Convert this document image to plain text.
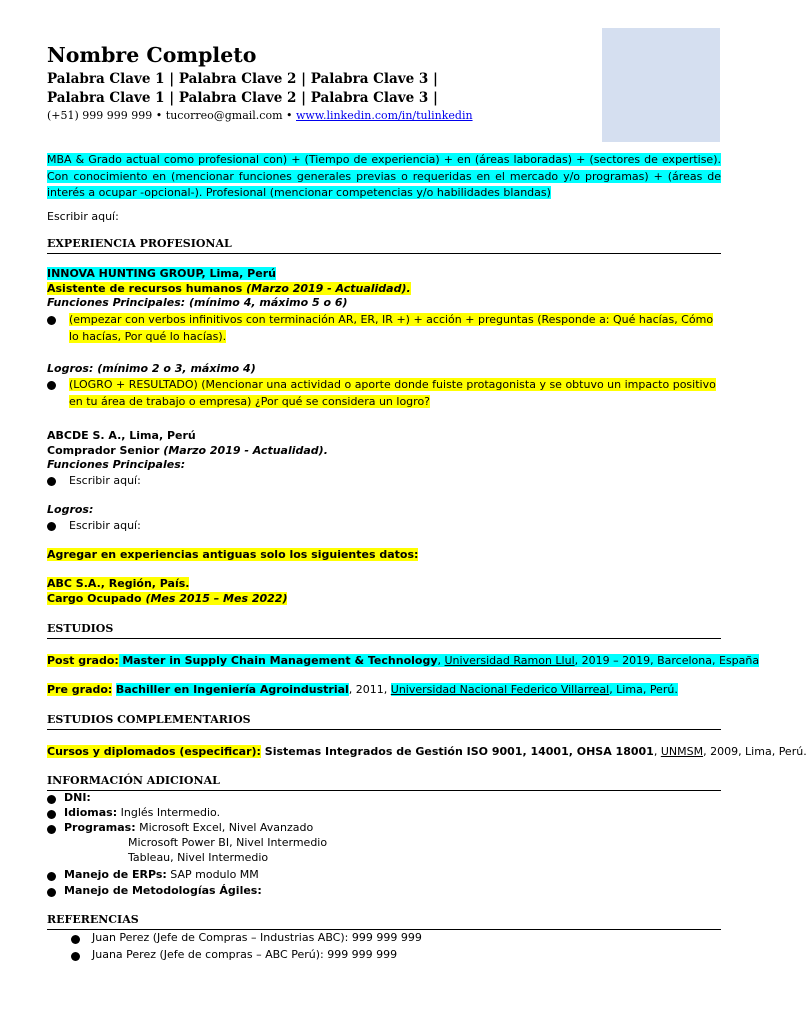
Nombre Completo
Palabra Clave 1 | Palabra Clave 2 | Palabra Clave 3 |
Palabra Clave 1 | Palabra Clave 2 | Palabra Clave 3 |
(+51) 999 999 999 • tucorreo@gmail.com • www.linkedin.com/in/tulinkedin
MBA & Grado actual como profesional con) + (Tiempo de experiencia) + en (áreas laboradas) + (sectores de expertise). Con conocimiento en (mencionar funciones generales previas o requeridas en el mercado y/o programas) + (áreas de interés a ocupar -opcional-). Profesional (mencionar competencias y/o habilidades blandas)
Escribir aquí:
EXPERIENCIA PROFESIONAL
INNOVA HUNTING GROUP, Lima, Perú
Asistente de recursos humanos (Marzo 2019 - Actualidad).
Funciones Principales: (mínimo 4, máximo 5 o 6)
(empezar con verbos infinitivos con terminación AR, ER, IR +) + acción + preguntas (Responde a: Qué hacías, Cómo lo hacías, Por qué lo hacías).
Logros: (mínimo 2 o 3, máximo 4)
(LOGRO + RESULTADO) (Mencionar una actividad o aporte donde fuiste protagonista y se obtuvo un impacto positivo en tu área de trabajo o empresa) ¿Por qué se considera un logro?
ABCDE S. A., Lima, Perú
Comprador Senior (Marzo 2019 - Actualidad).
Funciones Principales:
Escribir aquí:
Logros:
Escribir aquí:
Agregar en experiencias antiguas solo los siguientes datos:
ABC S.A., Región, País.
Cargo Ocupado (Mes 2015 – Mes 2022)
ESTUDIOS
Post grado: Master in Supply Chain Management & Technology, Universidad Ramon Llul, 2019 – 2019, Barcelona, España
Pre grado: Bachiller en Ingeniería Agroindustrial, 2011, Universidad Nacional Federico Villarreal, Lima, Perú.
ESTUDIOS COMPLEMENTARIOS
Cursos y diplomados (especificar): Sistemas Integrados de Gestión ISO 9001, 14001, OHSA 18001, UNMSM, 2009, Lima, Perú.
INFORMACIÓN ADICIONAL
DNI:
Idiomas: Inglés Intermedio.
Programas: Microsoft Excel, Nivel Avanzado
Microsoft Power BI, Nivel Intermedio
Tableau, Nivel Intermedio
Manejo de ERPs: SAP modulo MM
Manejo de Metodologías Ágiles:
REFERENCIAS
Juan Perez (Jefe de Compras – Industrias ABC): 999 999 999
Juana Perez (Jefe de compras – ABC Perú): 999 999 999
